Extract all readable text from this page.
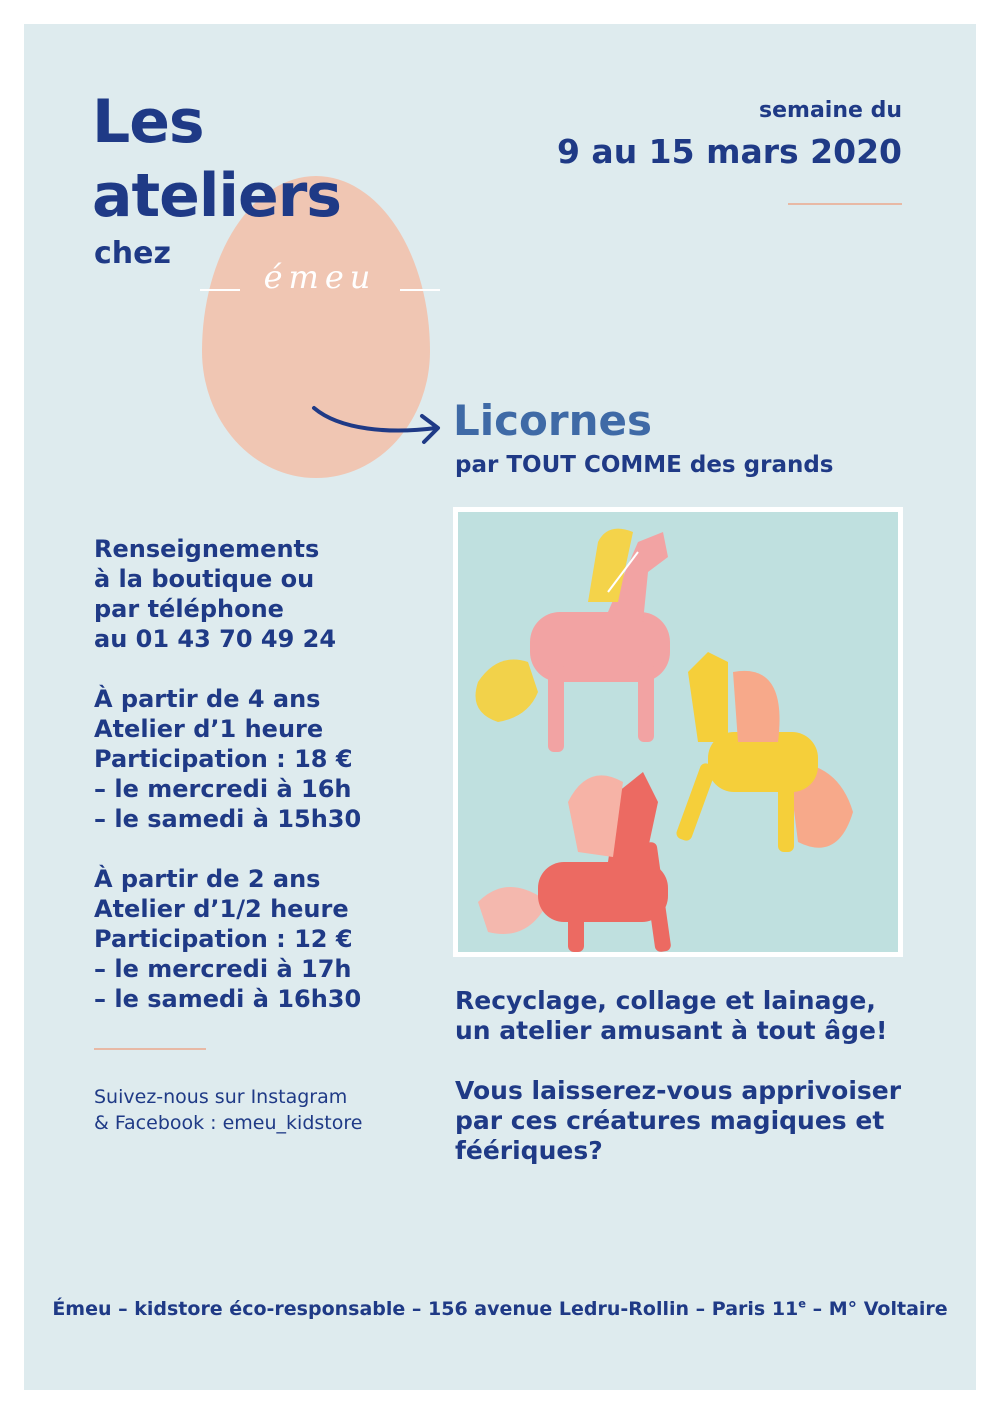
émeu
Les
ateliers
chez
semaine du
9 au 15 mars 2020
Licornes
par TOUT COMME des grands

Renseignements

à la boutique ou

par téléphone

au 01 43 70 49 24

À partir de 4 ans

Atelier d’1 heure

Participation : 18 €

– le mercredi à 16h

– le samedi à 15h30

À partir de 2 ans

Atelier d’1/2 heure

Participation : 12 €

– le mercredi à 17h

– le samedi à 16h30

Suivez-nous sur Instagram

& Facebook : emeu_kidstore

Recyclage, collage et lainage,

un atelier amusant à tout âge!

Vous laisserez-vous apprivoiser

par ces créatures magiques et

féériques?

Émeu – kidstore éco-responsable – 156 avenue Ledru-Rollin – Paris 11e – M° Voltaire
